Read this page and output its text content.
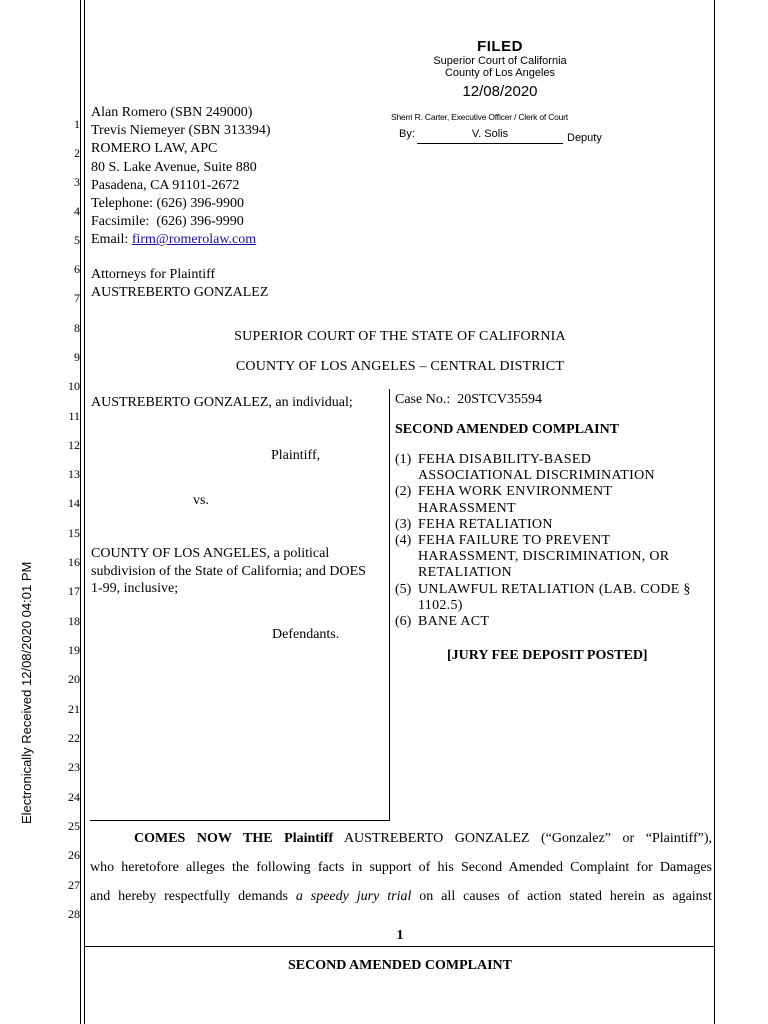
Electronically Received 12/08/2020 04:01 PM
FILED
Superior Court of California
County of Los Angeles
12/08/2020
Sherri R. Carter, Executive Officer / Clerk of Court
By:	V. Solis	Deputy
1
2
3
4
5
6
7
8
9
10
11
12
13
14
15
16
17
18
19
20
21
22
23
24
25
26
27
28
Alan Romero (SBN 249000)
Trevis Niemeyer (SBN 313394)
ROMERO LAW, APC
80 S. Lake Avenue, Suite 880
Pasadena, CA 91101-2672
Telephone: (626) 396-9900
Facsimile:  (626) 396-9990
Email: firm@romerolaw.com
Attorneys for Plaintiff
AUSTREBERTO GONZALEZ
SUPERIOR COURT OF THE STATE OF CALIFORNIA
COUNTY OF LOS ANGELES – CENTRAL DISTRICT
AUSTREBERTO GONZALEZ, an individual;
Plaintiff,
vs.
COUNTY OF LOS ANGELES, a political
subdivision of the State of California; and DOES
1-99, inclusive;
Defendants.
Case No.:  20STCV35594
SECOND AMENDED COMPLAINT
(1) FEHA DISABILITY-BASED
ASSOCIATIONAL DISCRIMINATION
(2) FEHA WORK ENVIRONMENT
HARASSMENT
(3) FEHA RETALIATION
(4) FEHA FAILURE TO PREVENT
HARASSMENT, DISCRIMINATION, OR
RETALIATION
(5) UNLAWFUL RETALIATION (LAB. CODE §
1102.5)
(6) BANE ACT
[JURY FEE DEPOSIT POSTED]
COMES NOW THE Plaintiff AUSTREBERTO GONZALEZ (“Gonzalez” or “Plaintiff”),
who heretofore alleges the following facts in support of his Second Amended Complaint for Damages
and hereby respectfully demands a speedy jury trial on all causes of action stated herein as against
1
SECOND AMENDED COMPLAINT
